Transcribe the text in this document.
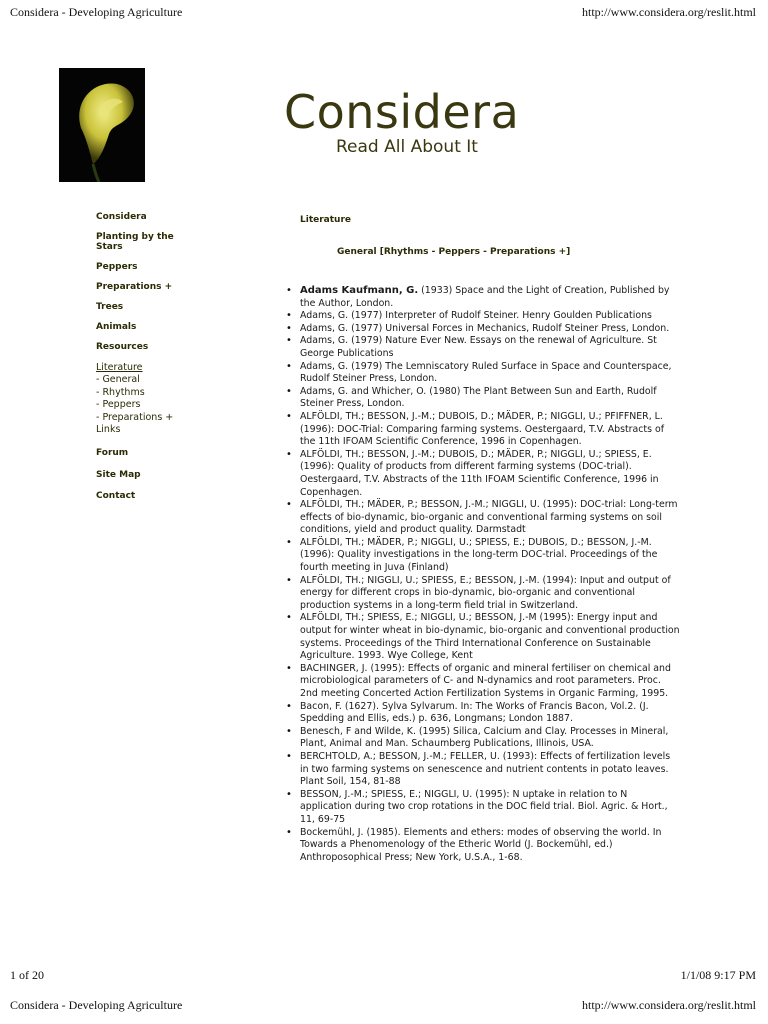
Considera - Developing Agriculture	http://www.considera.org/reslit.html
Considera
Read All About It
Considera
Planting by the Stars
Peppers
Preparations +
Trees
Animals
Resources
Literature
- General
- Rhythms
- Peppers
- Preparations +
Links
Forum
Site Map
Contact
Literature
General [Rhythms - Peppers - Preparations +]
• Adams Kaufmann, G. (1933) Space and the Light of Creation, Published by the Author, London.
• Adams, G. (1977) Interpreter of Rudolf Steiner. Henry Goulden Publications
• Adams, G. (1977) Universal Forces in Mechanics, Rudolf Steiner Press, London.
• Adams, G. (1979) Nature Ever New. Essays on the renewal of Agriculture. St George Publications
• Adams, G. (1979) The Lemniscatory Ruled Surface in Space and Counterspace, Rudolf Steiner Press, London.
• Adams, G. and Whicher, O. (1980) The Plant Between Sun and Earth, Rudolf Steiner Press, London.
• ALFÖLDI, TH.; BESSON, J.-M.; DUBOIS, D.; MÄDER, P.; NIGGLI, U.; PFIFFNER, L. (1996): DOC-Trial: Comparing farming systems. Oestergaard, T.V. Abstracts of the 11th IFOAM Scientific Conference, 1996 in Copenhagen.
• ALFÖLDI, TH.; BESSON, J.-M.; DUBOIS, D.; MÄDER, P.; NIGGLI, U.; SPIESS, E. (1996): Quality of products from different farming systems (DOC-trial). Oestergaard, T.V. Abstracts of the 11th IFOAM Scientific Conference, 1996 in Copenhagen.
• ALFÖLDI, TH.; MÄDER, P.; BESSON, J.-M.; NIGGLI, U. (1995): DOC-trial: Long-term effects of bio-dynamic, bio-organic and conventional farming systems on soil conditions, yield and product quality. Darmstadt
• ALFÖLDI, TH.; MÄDER, P.; NIGGLI, U.; SPIESS, E.; DUBOIS, D.; BESSON, J.-M. (1996): Quality investigations in the long-term DOC-trial. Proceedings of the fourth meeting in Juva (Finland)
• ALFÖLDI, TH.; NIGGLI, U.; SPIESS, E.; BESSON, J.-M. (1994): Input and output of energy for different crops in bio-dynamic, bio-organic and conventional production systems in a long-term field trial in Switzerland.
• ALFÖLDI, TH.; SPIESS, E.; NIGGLI, U.; BESSON, J.-M (1995): Energy input and output for winter wheat in bio-dynamic, bio-organic and conventional production systems. Proceedings of the Third International Conference on Sustainable Agriculture. 1993. Wye College, Kent
• BACHINGER, J. (1995): Effects of organic and mineral fertiliser on chemical and microbiological parameters of C- and N-dynamics and root parameters. Proc. 2nd meeting Concerted Action Fertilization Systems in Organic Farming, 1995.
• Bacon, F. (1627). Sylva Sylvarum. In: The Works of Francis Bacon, Vol.2. (J. Spedding and Ellis, eds.) p. 636, Longmans; London 1887.
• Benesch, F and Wilde, K. (1995) Silica, Calcium and Clay. Processes in Mineral, Plant, Animal and Man. Schaumberg Publications, Illinois, USA.
• BERCHTOLD, A.; BESSON, J.-M.; FELLER, U. (1993): Effects of fertilization levels in two farming systems on senescence and nutrient contents in potato leaves. Plant Soil, 154, 81-88
• BESSON, J.-M.; SPIESS, E.; NIGGLI, U. (1995): N uptake in relation to N application during two crop rotations in the DOC field trial. Biol. Agric. & Hort., 11, 69-75
• Bockemühl, J. (1985). Elements and ethers: modes of observing the world. In Towards a Phenomenology of the Etheric World (J. Bockemühl, ed.) Anthroposophical Press; New York, U.S.A., 1-68.
1 of 20	1/1/08 9:17 PM
Considera - Developing Agriculture	http://www.considera.org/reslit.html
